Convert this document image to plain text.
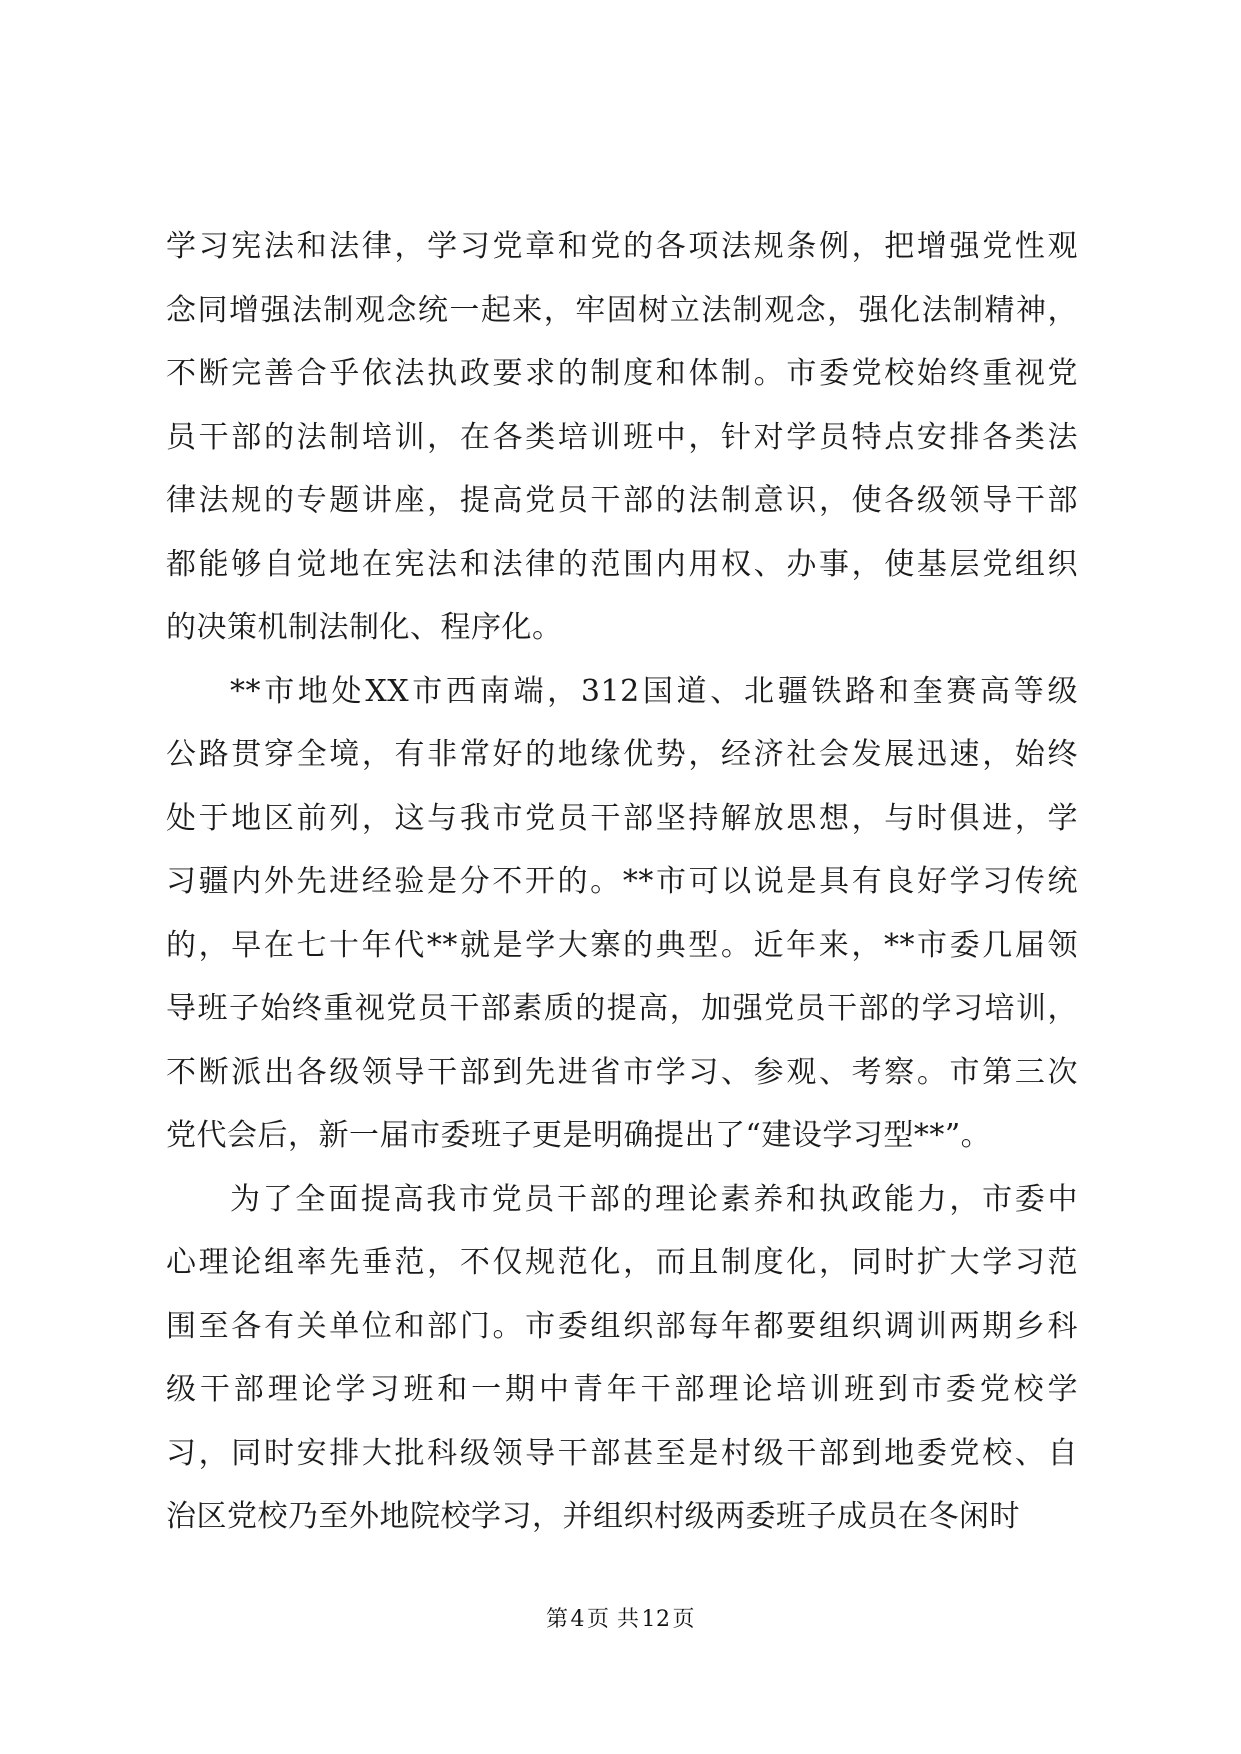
学习宪法和法律，学习党章和党的各项法规条例，把增强党性观
念同增强法制观念统一起来，牢固树立法制观念，强化法制精神，
不断完善合乎依法执政要求的制度和体制。市委党校始终重视党
员干部的法制培训，在各类培训班中，针对学员特点安排各类法
律法规的专题讲座，提高党员干部的法制意识，使各级领导干部
都能够自觉地在宪法和法律的范围内用权、办事，使基层党组织
的决策机制法制化、程序化。
**市地处XX市西南端，312国道、北疆铁路和奎赛高等级
公路贯穿全境，有非常好的地缘优势，经济社会发展迅速，始终
处于地区前列，这与我市党员干部坚持解放思想，与时俱进，学
习疆内外先进经验是分不开的。**市可以说是具有良好学习传统
的，早在七十年代**就是学大寨的典型。近年来，**市委几届领
导班子始终重视党员干部素质的提高，加强党员干部的学习培训，
不断派出各级领导干部到先进省市学习、参观、考察。市第三次
党代会后，新一届市委班子更是明确提出了“建设学习型**”。
为了全面提高我市党员干部的理论素养和执政能力，市委中
心理论组率先垂范，不仅规范化，而且制度化，同时扩大学习范
围至各有关单位和部门。市委组织部每年都要组织调训两期乡科
级干部理论学习班和一期中青年干部理论培训班到市委党校学
习，同时安排大批科级领导干部甚至是村级干部到地委党校、自
治区党校乃至外地院校学习，并组织村级两委班子成员在冬闲时
第4页 共12页
